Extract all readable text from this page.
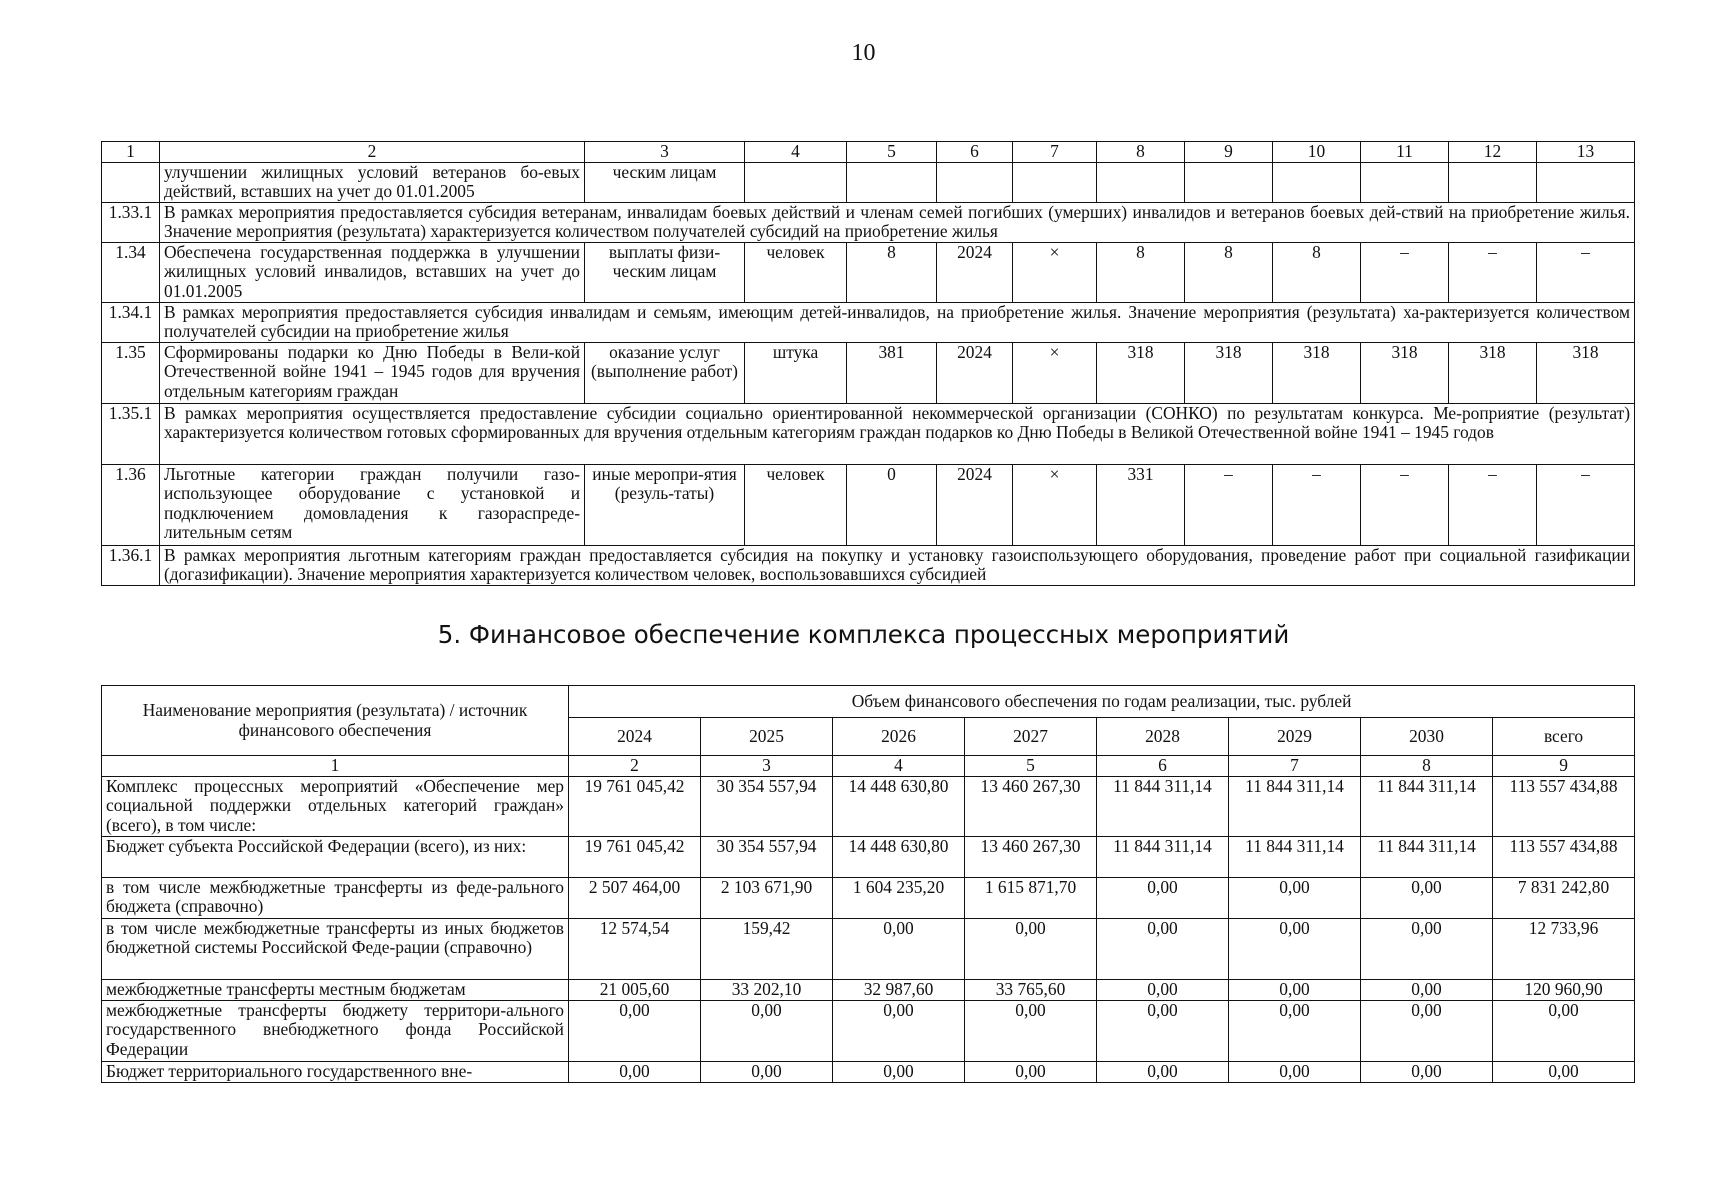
10
1	2	3	4	5	6	7	8	9	10	11	12	13
	улучшении жилищных условий ветеранов бо-евых действий, вставших на учет до 01.01.2005	ческим лицам										
1.33.1	В рамках мероприятия предоставляется субсидия ветеранам, инвалидам боевых действий и членам семей погибших (умерших) инвалидов и ветеранов боевых дей-ствий на приобретение жилья. Значение мероприятия (результата) характеризуется количеством получателей субсидий на приобретение жилья											
1.34	Обеспечена государственная поддержка в улучшении жилищных условий инвалидов, вставших на учет до 01.01.2005	выплаты физи-ческим лицам	человек	8	2024	×	8	8	8	–	–	–
1.34.1	В рамках мероприятия предоставляется субсидия инвалидам и семьям, имеющим детей-инвалидов, на приобретение жилья. Значение мероприятия (результата) ха-рактеризуется количеством получателей субсидии на приобретение жилья											
1.35	Сформированы подарки ко Дню Победы в Вели-кой Отечественной войне 1941 – 1945 годов для вручения отдельным категориям граждан	оказание услуг (выполнение работ)	штука	381	2024	×	318	318	318	318	318	318
1.35.1	В рамках мероприятия осуществляется предоставление субсидии социально ориентированной некоммерческой организации (СОНКО) по результатам конкурса. Ме-роприятие (результат) характеризуется количеством готовых сформированных для вручения отдельным категориям граждан подарков ко Дню Победы в Великой Отечественной войне 1941 – 1945 годов											
1.36	Льготные категории граждан получили газо-использующее оборудование с установкой и подключением домовладения к газораспреде-лительным сетям	иные меропри-ятия (резуль-таты)	человек	0	2024	×	331	–	–	–	–	–
1.36.1	В рамках мероприятия льготным категориям граждан предоставляется субсидия на покупку и установку газоиспользующего оборудования, проведение работ при социальной газификации (догазификации). Значение мероприятия характеризуется количеством человек, воспользовавшихся субсидией											
5. Финансовое обеспечение комплекса процессных мероприятий
Наименование мероприятия (результата) / источник финансового обеспечения	Объем финансового обеспечения по годам реализации, тыс. рублей							
	2024	2025	2026	2027	2028	2029	2030	всего
1	2	3	4	5	6	7	8	9
Комплекс процессных мероприятий «Обеспечение мер социальной поддержки отдельных категорий граждан» (всего), в том числе:	19 761 045,42	30 354 557,94	14 448 630,80	13 460 267,30	11 844 311,14	11 844 311,14	11 844 311,14	113 557 434,88
Бюджет субъекта Российской Федерации (всего), из них:	19 761 045,42	30 354 557,94	14 448 630,80	13 460 267,30	11 844 311,14	11 844 311,14	11 844 311,14	113 557 434,88
в том числе межбюджетные трансферты из феде-рального бюджета (справочно)	2 507 464,00	2 103 671,90	1 604 235,20	1 615 871,70	0,00	0,00	0,00	7 831 242,80
в том числе межбюджетные трансферты из иных бюджетов бюджетной системы Российской Феде-рации (справочно)	12 574,54	159,42	0,00	0,00	0,00	0,00	0,00	12 733,96
межбюджетные трансферты местным бюджетам	21 005,60	33 202,10	32 987,60	33 765,60	0,00	0,00	0,00	120 960,90
межбюджетные трансферты бюджету территори-ального государственного внебюджетного фонда Российской Федерации	0,00	0,00	0,00	0,00	0,00	0,00	0,00	0,00
Бюджет территориального государственного вне-	0,00	0,00	0,00	0,00	0,00	0,00	0,00	0,00
